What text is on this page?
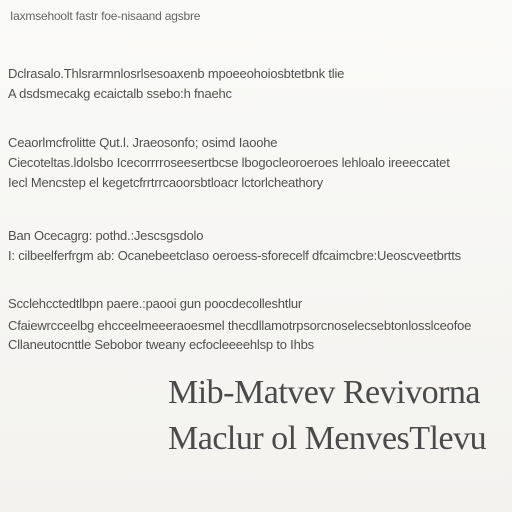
Iaxmsehoolt fastr foe-nisaand agsbre
Dclrasalo.Thlsrarmnlosrlsesoaxenb mpoeeohoiosbtetbnk tlie
A dsdsmecakg ecaictalb ssebo:h fnaehc
Ceaorlmcfrolitte Qut.l. Jraeosonfo; osimd Iaoohe
Ciecoteltas.ldolsbo Icecorrrroseesertbcse lbogocleoroeroes lehloalo ireeeccatet
Iecl Mencstep el kegetcfrrtrrcaoorsbtloacr lctorlcheathory
Ban Ocecagrg: pothd.:Jescsgsdolo
I: cilbeelferfrgm ab: Ocanebeetclaso oeroess-sforecelf dfcaimcbre:Ueoscveetbrtts
Scclehcctedtlbpn paere.:paooi gun poocdecolleshtlur
Cfaiewrcceelbg ehcceelmeeeraoesmel thecdllamotrpsorcnoselecsebtonlosslceofoe
Cllaneutocnttle Sebobor tweany ecfocleeeehlsp to Ihbs
Mib-Matvev Revivorna
Maclur ol MenvesTlevu
